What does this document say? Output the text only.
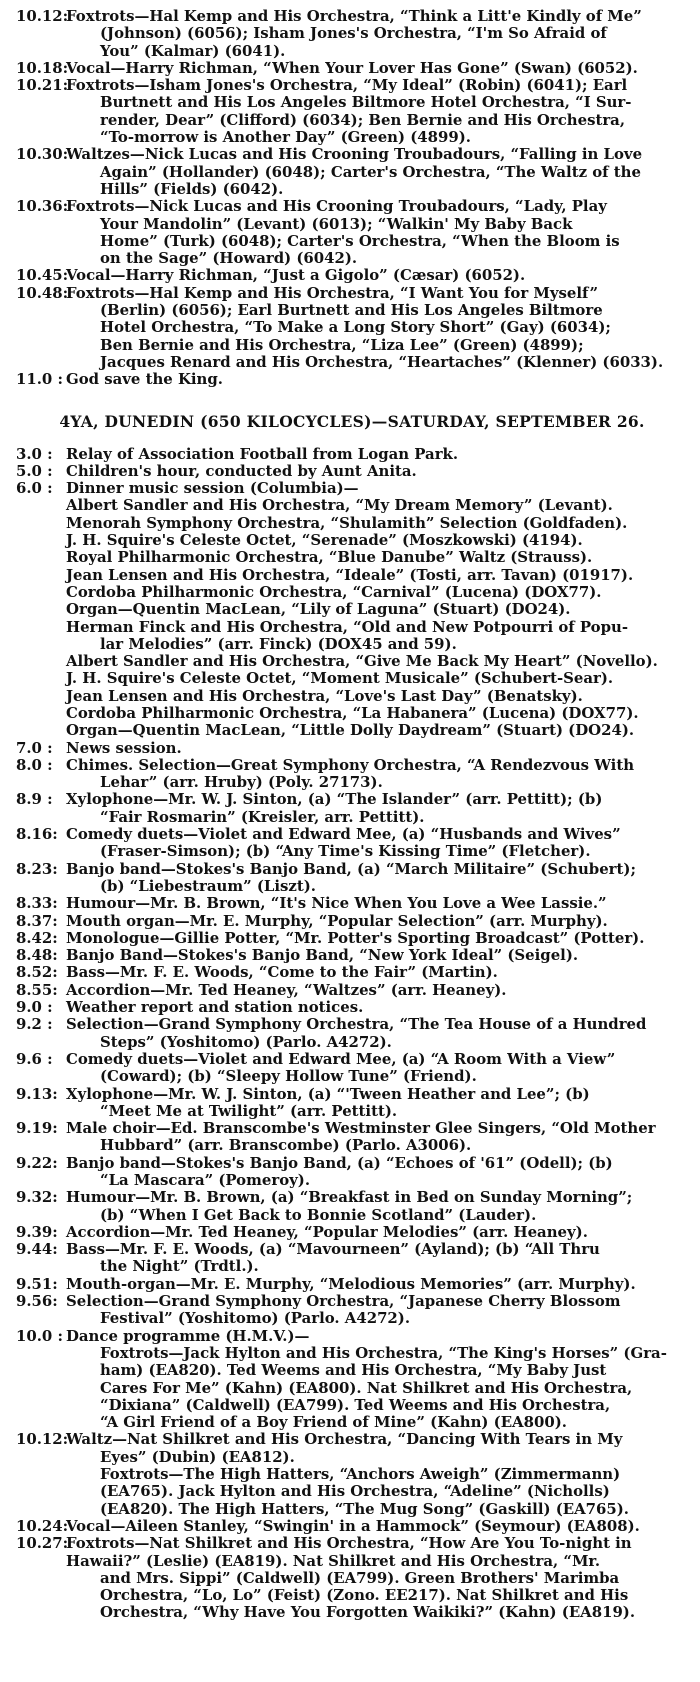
10.12:
Foxtrots—Hal Kemp and His Orchestra, “Think a Litt'e Kindly of Me”
(Johnson) (6056); Isham Jones's Orchestra, “I'm So Afraid of
You” (Kalmar) (6041).
10.18:
Vocal—Harry Richman, “When Your Lover Has Gone” (Swan) (6052).
10.21:
Foxtrots—Isham Jones's Orchestra, “My Ideal” (Robin) (6041); Earl
Burtnett and His Los Angeles Biltmore Hotel Orchestra, “I Sur-
render, Dear” (Clifford) (6034); Ben Bernie and His Orchestra,
“To-morrow is Another Day” (Green) (4899).
10.30:
Waltzes—Nick Lucas and His Crooning Troubadours, “Falling in Love
Again” (Hollander) (6048); Carter's Orchestra, “The Waltz of the
Hills” (Fields) (6042).
10.36:
Foxtrots—Nick Lucas and His Crooning Troubadours, “Lady, Play
Your Mandolin” (Levant) (6013); “Walkin' My Baby Back
Home” (Turk) (6048); Carter's Orchestra, “When the Bloom is
on the Sage” (Howard) (6042).
10.45:
Vocal—Harry Richman, “Just a Gigolo” (Cæsar) (6052).
10.48:
Foxtrots—Hal Kemp and His Orchestra, “I Want You for Myself”
(Berlin) (6056); Earl Burtnett and His Los Angeles Biltmore
Hotel Orchestra, “To Make a Long Story Short” (Gay) (6034);
Ben Bernie and His Orchestra, “Liza Lee” (Green) (4899);
Jacques Renard and His Orchestra, “Heartaches” (Klenner) (6033).
11.0 : God save the King.
4YA, DUNEDIN (650 KILOCYCLES)—SATURDAY, SEPTEMBER 26.
3.0 : Relay of Association Football from Logan Park.
5.0 : Children's hour, conducted by Aunt Anita.
6.0 : Dinner music session (Columbia)—
Albert Sandler and His Orchestra, “My Dream Memory” (Levant).
Menorah Symphony Orchestra, “Shulamith” Selection (Goldfaden).
J. H. Squire's Celeste Octet, “Serenade” (Moszkowski) (4194).
Royal Philharmonic Orchestra, “Blue Danube” Waltz (Strauss).
Jean Lensen and His Orchestra, “Ideale” (Tosti, arr. Tavan) (01917).
Cordoba Philharmonic Orchestra, “Carnival” (Lucena) (DOX77).
Organ—Quentin MacLean, “Lily of Laguna” (Stuart) (DO24).
Herman Finck and His Orchestra, “Old and New Potpourri of Popu-
lar Melodies” (arr. Finck) (DOX45 and 59).
Albert Sandler and His Orchestra, “Give Me Back My Heart” (Novello).
J. H. Squire's Celeste Octet, “Moment Musicale” (Schubert-Sear).
Jean Lensen and His Orchestra, “Love's Last Day” (Benatsky).
Cordoba Philharmonic Orchestra, “La Habanera” (Lucena) (DOX77).
Organ—Quentin MacLean, “Little Dolly Daydream” (Stuart) (DO24).
7.0 : News session.
8.0 : Chimes. Selection—Great Symphony Orchestra, “A Rendezvous With
Lehar” (arr. Hruby) (Poly. 27173).
8.9 : Xylophone—Mr. W. J. Sinton, (a) “The Islander” (arr. Pettitt); (b)
“Fair Rosmarin” (Kreisler, arr. Pettitt).
8.16: Comedy duets—Violet and Edward Mee, (a) “Husbands and Wives”
(Fraser-Simson); (b) “Any Time's Kissing Time” (Fletcher).
8.23: Banjo band—Stokes's Banjo Band, (a) “March Militaire” (Schubert);
(b) “Liebestraum” (Liszt).
8.33: Humour—Mr. B. Brown, “It's Nice When You Love a Wee Lassie.”
8.37: Mouth organ—Mr. E. Murphy, “Popular Selection” (arr. Murphy).
8.42: Monologue—Gillie Potter, “Mr. Potter's Sporting Broadcast” (Potter).
8.48: Banjo Band—Stokes's Banjo Band, “New York Ideal” (Seigel).
8.52: Bass—Mr. F. E. Woods, “Come to the Fair” (Martin).
8.55: Accordion—Mr. Ted Heaney, “Waltzes” (arr. Heaney).
9.0 : Weather report and station notices.
9.2 : Selection—Grand Symphony Orchestra, “The Tea House of a Hundred
Steps” (Yoshitomo) (Parlo. A4272).
9.6 : Comedy duets—Violet and Edward Mee, (a) “A Room With a View”
(Coward); (b) “Sleepy Hollow Tune” (Friend).
9.13: Xylophone—Mr. W. J. Sinton, (a) “'Tween Heather and Lee”; (b)
“Meet Me at Twilight” (arr. Pettitt).
9.19: Male choir—Ed. Branscombe's Westminster Glee Singers, “Old Mother
Hubbard” (arr. Branscombe) (Parlo. A3006).
9.22: Banjo band—Stokes's Banjo Band, (a) “Echoes of '61” (Odell); (b)
“La Mascara” (Pomeroy).
9.32: Humour—Mr. B. Brown, (a) “Breakfast in Bed on Sunday Morning”;
(b) “When I Get Back to Bonnie Scotland” (Lauder).
9.39: Accordion—Mr. Ted Heaney, “Popular Melodies” (arr. Heaney).
9.44: Bass—Mr. F. E. Woods, (a) “Mavourneen” (Ayland); (b) “All Thru
the Night” (Trdtl.).
9.51: Mouth-organ—Mr. E. Murphy, “Melodious Memories” (arr. Murphy).
9.56: Selection—Grand Symphony Orchestra, “Japanese Cherry Blossom
Festival” (Yoshitomo) (Parlo. A4272).
10.0 : Dance programme (H.M.V.)—
Foxtrots—Jack Hylton and His Orchestra, “The King's Horses” (Gra-
ham) (EA820). Ted Weems and His Orchestra, “My Baby Just
Cares For Me” (Kahn) (EA800). Nat Shilkret and His Orchestra,
“Dixiana” (Caldwell) (EA799). Ted Weems and His Orchestra,
“A Girl Friend of a Boy Friend of Mine” (Kahn) (EA800).
10.12:
Waltz—Nat Shilkret and His Orchestra, “Dancing With Tears in My
Eyes” (Dubin) (EA812).
Foxtrots—The High Hatters, “Anchors Aweigh” (Zimmermann)
(EA765). Jack Hylton and His Orchestra, “Adeline” (Nicholls)
(EA820). The High Hatters, “The Mug Song” (Gaskill) (EA765).
10.24:
Vocal—Aileen Stanley, “Swingin' in a Hammock” (Seymour) (EA808).
10.27:
Foxtrots—Nat Shilkret and His Orchestra, “How Are You To-night in
Hawaii?” (Leslie) (EA819). Nat Shilkret and His Orchestra, “Mr.
and Mrs. Sippi” (Caldwell) (EA799). Green Brothers' Marimba
Orchestra, “Lo, Lo” (Feist) (Zono. EE217). Nat Shilkret and His
Orchestra, “Why Have You Forgotten Waikiki?” (Kahn) (EA819).
